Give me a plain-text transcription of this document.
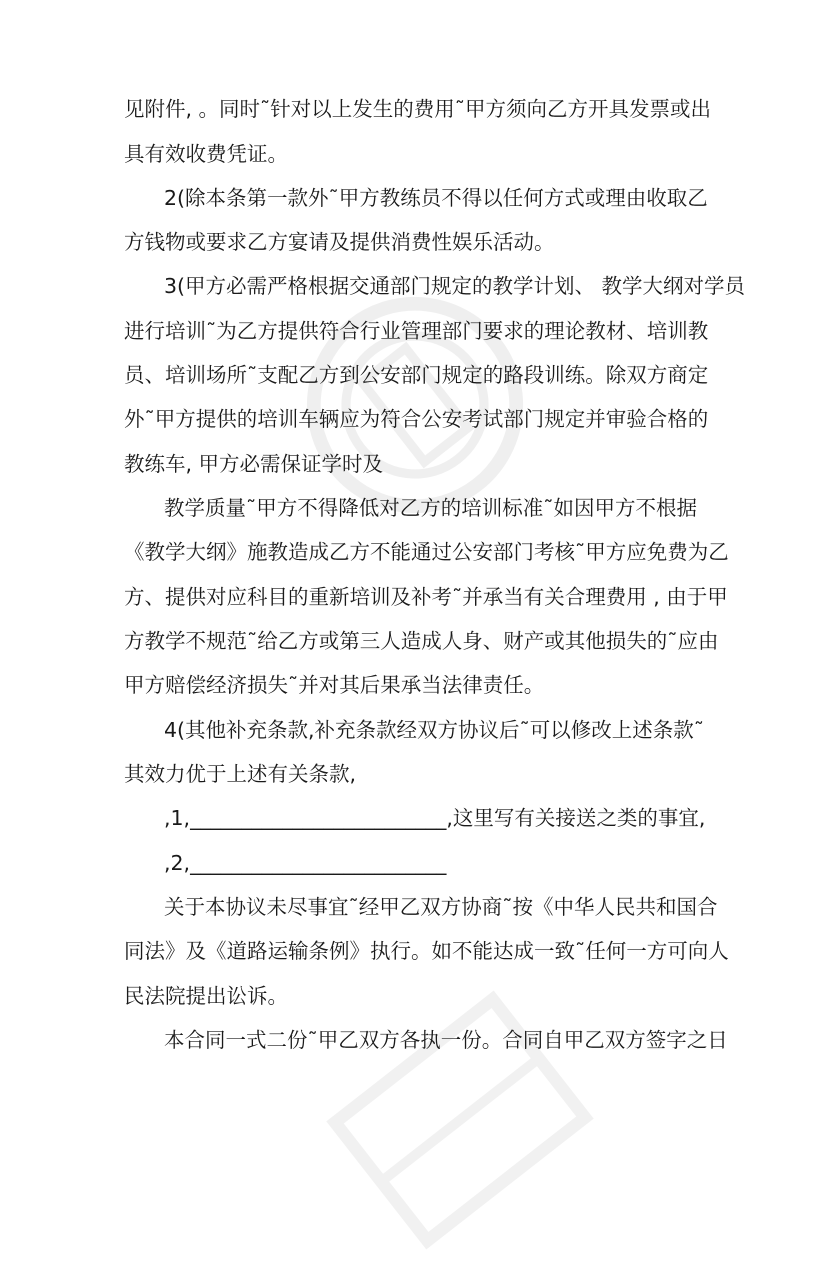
见附件, 。同时˜针对以上发生的费用˜甲方须向乙方开具发票或出
具有效收费凭证。
2(除本条第一款外˜甲方教练员不得以任何方式或理由收取乙
方钱物或要求乙方宴请及提供消费性娱乐活动。
3(甲方必需严格根据交通部门规定的教学计划、 教学大纲对学员
进行培训˜为乙方提供符合行业管理部门要求的理论教材、培训教
员、培训场所˜支配乙方到公安部门规定的路段训练。除双方商定
外˜甲方提供的培训车辆应为符合公安考试部门规定并审验合格的
教练车, 甲方必需保证学时及
教学质量˜甲方不得降低对乙方的培训标准˜如因甲方不根据
《教学大纲》施教造成乙方不能通过公安部门考核˜甲方应免费为乙
方、提供对应科目的重新培训及补考˜并承当有关合理费用 , 由于甲
方教学不规范˜给乙方或第三人造成人身、财产或其他损失的˜应由
甲方赔偿经济损失˜并对其后果承当法律责任。
4(其他补充条款,补充条款经双方协议后˜可以修改上述条款˜
其效力优于上述有关条款,
,1,_________________________,这里写有关接送之类的事宜,
,2,_________________________
关于本协议未尽事宜˜经甲乙双方协商˜按《中华人民共和国合
同法》及《道路运输条例》执行。如不能达成一致˜任何一方可向人
民法院提出讼诉。
本合同一式二份˜甲乙双方各执一份。合同自甲乙双方签字之日
